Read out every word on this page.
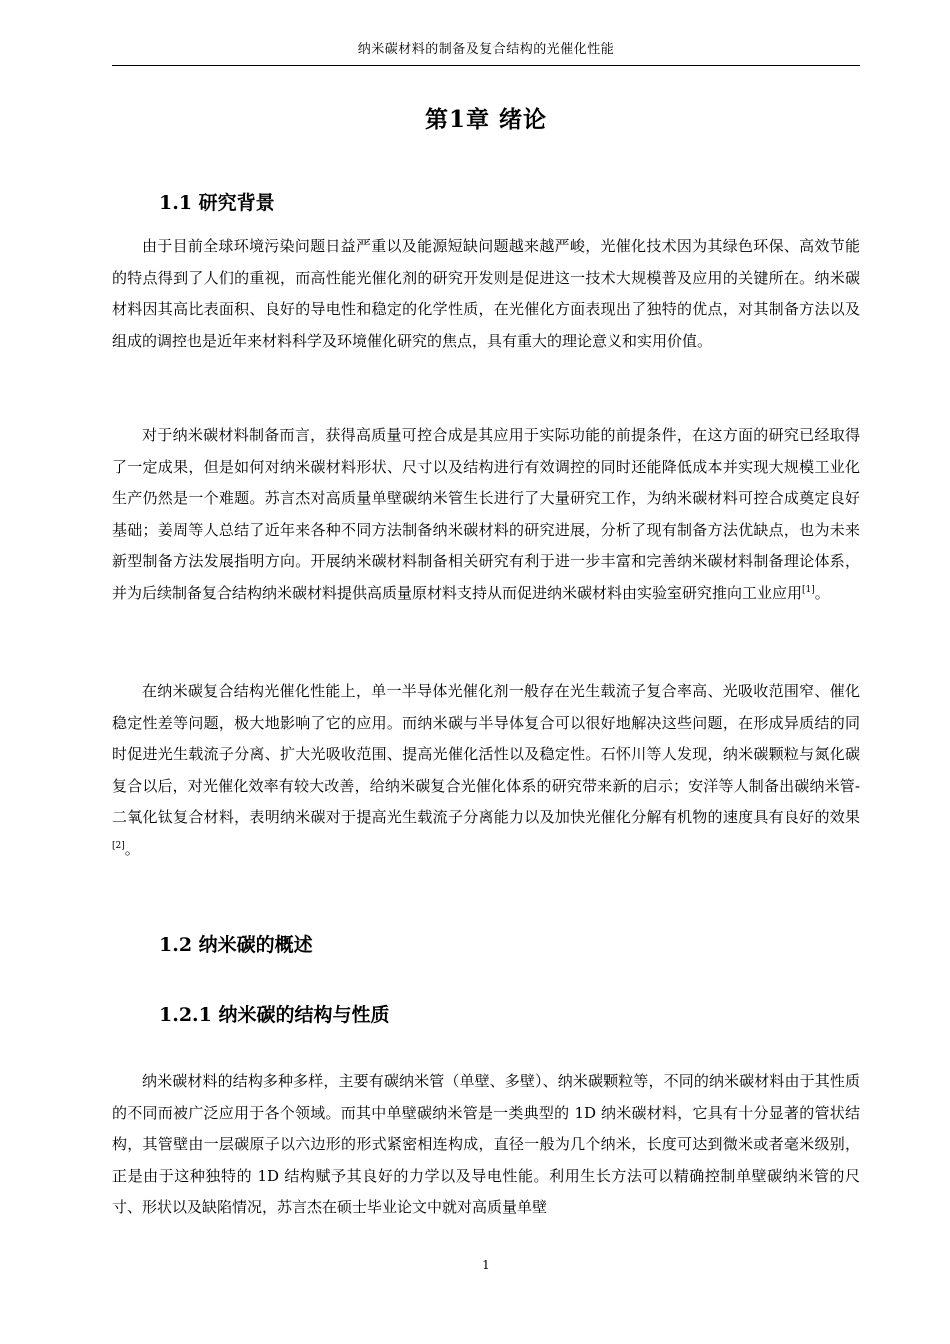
纳米碳材料的制备及复合结构的光催化性能
第1章 绪论
1.1 研究背景

由于目前全球环境污染问题日益严重以及能源短缺问题越来越严峻，光催化技术因为其绿色环保、高效节能的特点得到了人们的重视，而高性能光催化剂的研究开发则是促进这一技术大规模普及应用的关键所在。纳米碳材料因其高比表面积、良好的导电性和稳定的化学性质，在光催化方面表现出了独特的优点，对其制备方法以及组成的调控也是近年来材料科学及环境催化研究的焦点，具有重大的理论意义和实用价值。

对于纳米碳材料制备而言，获得高质量可控合成是其应用于实际功能的前提条件，在这方面的研究已经取得了一定成果，但是如何对纳米碳材料形状、尺寸以及结构进行有效调控的同时还能降低成本并实现大规模工业化生产仍然是一个难题。苏言杰对高质量单壁碳纳米管生长进行了大量研究工作，为纳米碳材料可控合成奠定良好基础；姜周等人总结了近年来各种不同方法制备纳米碳材料的研究进展，分析了现有制备方法优缺点，也为未来新型制备方法发展指明方向。开展纳米碳材料制备相关研究有利于进一步丰富和完善纳米碳材料制备理论体系，并为后续制备复合结构纳米碳材料提供高质量原材料支持从而促进纳米碳材料由实验室研究推向工业应用[1]。

在纳米碳复合结构光催化性能上，单一半导体光催化剂一般存在光生载流子复合率高、光吸收范围窄、催化稳定性差等问题，极大地影响了它的应用。而纳米碳与半导体复合可以很好地解决这些问题，在形成异质结的同时促进光生载流子分离、扩大光吸收范围、提高光催化活性以及稳定性。石怀川等人发现，纳米碳颗粒与氮化碳复合以后，对光催化效率有较大改善，给纳米碳复合光催化体系的研究带来新的启示；安洋等人制备出碳纳米管-二氧化钛复合材料，表明纳米碳对于提高光生载流子分离能力以及加快光催化分解有机物的速度具有良好的效果[2]。

1.2 纳米碳的概述
1.2.1 纳米碳的结构与性质

纳米碳材料的结构多种多样，主要有碳纳米管（单壁、多壁）、纳米碳颗粒等，不同的纳米碳材料由于其性质的不同而被广泛应用于各个领域。而其中单壁碳纳米管是一类典型的 1D 纳米碳材料，它具有十分显著的管状结构，其管壁由一层碳原子以六边形的形式紧密相连构成，直径一般为几个纳米，长度可达到微米或者毫米级别，正是由于这种独特的 1D 结构赋予其良好的力学以及导电性能。利用生长方法可以精确控制单壁碳纳米管的尺寸、形状以及缺陷情况，苏言杰在硕士毕业论文中就对高质量单壁

1
